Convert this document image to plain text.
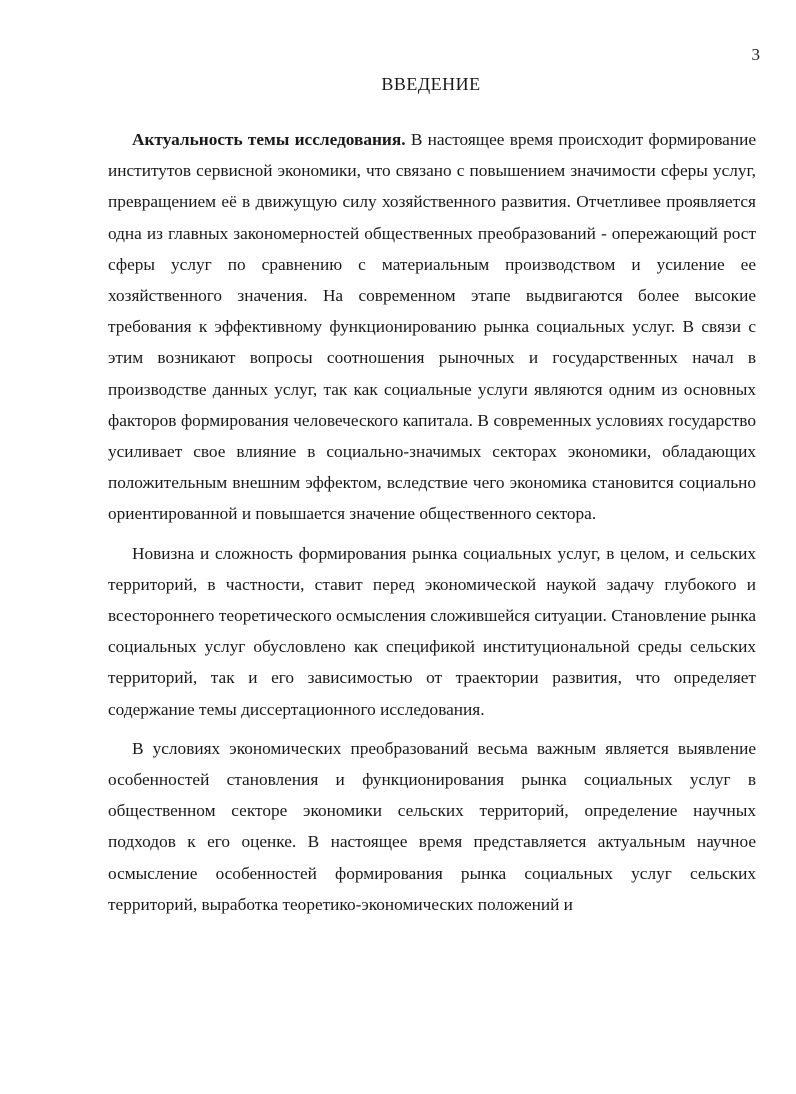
3
ВВЕДЕНИЕ

Актуальность темы исследования. В настоящее время происходит формирование институтов сервисной экономики, что связано с повышением значимости сферы услуг, превращением её в движущую силу хозяйственного развития. Отчетливее проявляется одна из главных закономерностей общественных преобразований - опережающий рост сферы услуг по сравнению с материальным производством и усиление ее хозяйственного значения. На современном этапе выдвигаются более высокие требования к эффективному функционированию рынка социальных услуг. В связи с этим возникают вопросы соотношения рыночных и государственных начал в производстве данных услуг, так как социальные услуги являются одним из основных факторов формирования человеческого капитала. В современных условиях государство усиливает свое влияние в социально-значимых секторах экономики, обладающих положительным внешним эффектом, вследствие чего экономика становится социально ориентированной и повышается значение общественного сектора.

Новизна и сложность формирования рынка социальных услуг, в целом, и сельских территорий, в частности, ставит перед экономической наукой задачу глубокого и всестороннего теоретического осмысления сложившейся ситуации. Становление рынка социальных услуг обусловлено как спецификой институциональной среды сельских территорий, так и его зависимостью от траектории развития, что определяет содержание темы диссертационного исследования.

В условиях экономических преобразований весьма важным является выявление особенностей становления и функционирования рынка социальных услуг в общественном секторе экономики сельских территорий, определение научных подходов к его оценке. В настоящее время представляется актуальным научное осмысление особенностей формирования рынка социальных услуг сельских территорий, выработка теоретико-экономических положений и
